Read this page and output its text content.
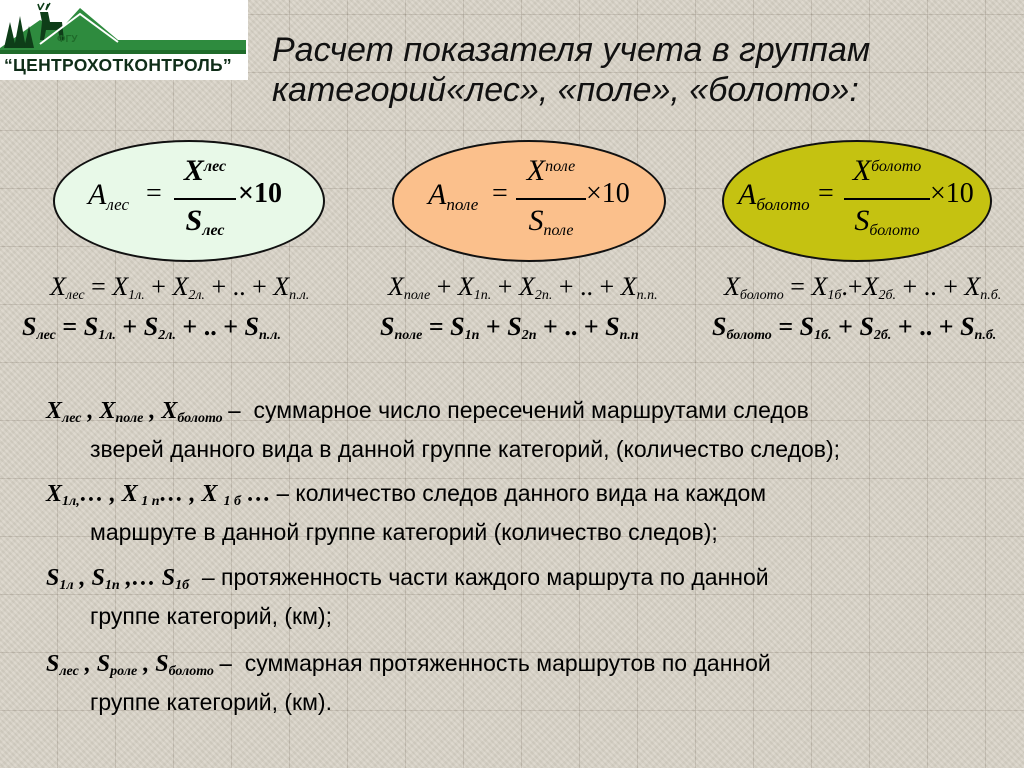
ФГУ
“ЦЕНТРОХОТКОНТРОЛЬ” Расчет показателя учета в группам
категорий«лес», «поле», «болото»:
$A_{лес}$ =
$X^{лес}$
$S_{лес}$
×10	$A_{поле}$ =
$X^{поле}$
$S_{поле}$
×10	$A_{болото}$ =
$X^{болото}$
$S_{болото}$
×10
$X_{лес} = X_{1л.} + X_{2л.}$ + .. + $X_{п.л.}$
$S_{лес} = S_{1л.} + S_{2л.}$ + .. + $S_{п.л.}$
$X_{поле} + X_{1п.} + X_{2п.}$ + .. + $X_{п.п.}$
$S_{поле} = S_{1п} + S_{2п}$ + .. + $S_{п.п}$
$X_{болото} = X_{1б}.+X_{2б.}$ + .. + $X_{п.б.}$
$S_{болото} = S_{1б.} + S_{2б.}$ + .. + $S_{п.б.}$
$X_{лес}$ , $X_{поле}$ , $X_{болото}$ – суммарное число пересечений маршрутами следов
зверей данного вида в данной группе категорий, (количество следов);
$X_{1л,}\dots$ , X $_{1 п}$… , X $_{1 б}$ … – количество следов данного вида на каждом
маршруте в данной группе категорий (количество следов);
$S_{1л}$ , $S_{1п}$ ,… $S_{1б}$ – протяженность части каждого маршрута по данной
группе категорий, (км);
$S_{лес}$ , $S_{роле}$ , $S_{болото}$ – суммарная протяженность маршрутов по данной
группе категорий, (км).
